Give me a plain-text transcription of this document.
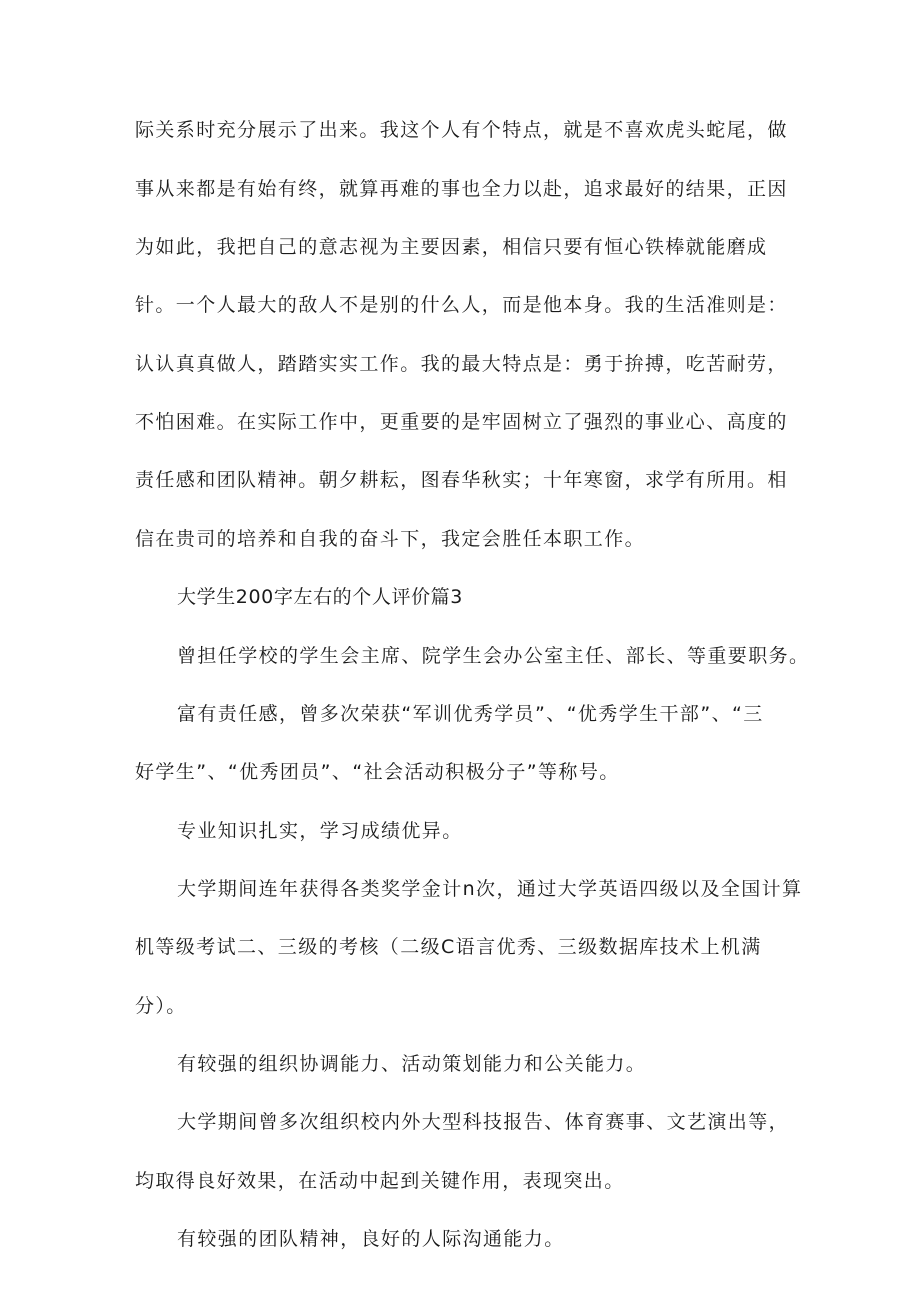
际关系时充分展示了出来。我这个人有个特点，就是不喜欢虎头蛇尾，做
事从来都是有始有终，就算再难的事也全力以赴，追求最好的结果，正因
为如此，我把自己的意志视为主要因素，相信只要有恒心铁棒就能磨成
针。一个人最大的敌人不是别的什么人，而是他本身。我的生活准则是：
认认真真做人，踏踏实实工作。我的最大特点是：勇于拚搏，吃苦耐劳，
不怕困难。在实际工作中，更重要的是牢固树立了强烈的事业心、高度的
责任感和团队精神。朝夕耕耘，图春华秋实；十年寒窗，求学有所用。相
信在贵司的培养和自我的奋斗下，我定会胜任本职工作。
大学生200字左右的个人评价篇3
曾担任学校的学生会主席、院学生会办公室主任、部长、等重要职务。
富有责任感，曾多次荣获“军训优秀学员”、“优秀学生干部”、“三
好学生”、“优秀团员”、“社会活动积极分子”等称号。
专业知识扎实，学习成绩优异。
大学期间连年获得各类奖学金计n次，通过大学英语四级以及全国计算
机等级考试二、三级的考核（二级C语言优秀、三级数据库技术上机满
分）。
有较强的组织协调能力、活动策划能力和公关能力。
大学期间曾多次组织校内外大型科技报告、体育赛事、文艺演出等，
均取得良好效果，在活动中起到关键作用，表现突出。
有较强的团队精神，良好的人际沟通能力。
